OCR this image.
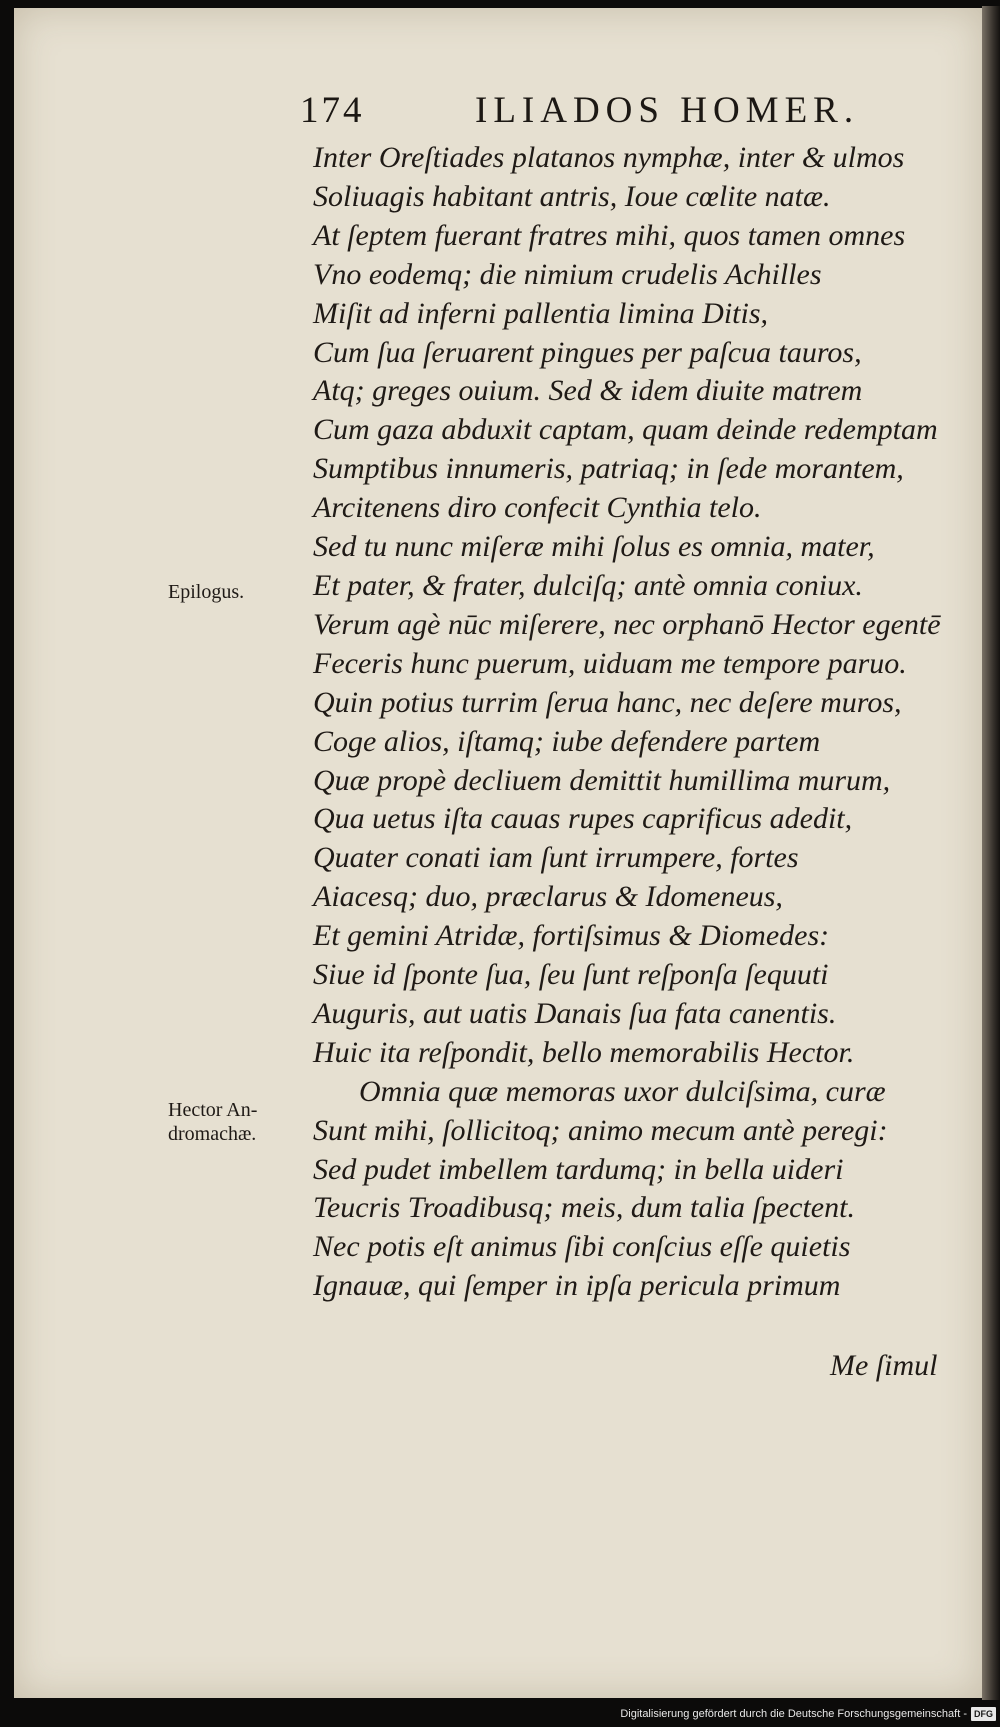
174	ILIADOS HOMER.
Epilogus.
Hector An-
dromachæ.
Inter Oreſtiades platanos nymphæ, inter & ulmos
Soliuagis habitant antris, Ioue cœlite natæ.
At ſeptem fuerant fratres mihi, quos tamen omnes
Vno eodemq; die nimium crudelis Achilles
Miſit ad inferni pallentia limina Ditis,
Cum ſua ſeruarent pingues per paſcua tauros,
Atq; greges ouium. Sed & idem diuite matrem
Cum gaza abduxit captam, quam deinde redemptam
Sumptibus innumeris, patriaq; in ſede morantem,
Arcitenens diro confecit Cynthia telo.
Sed tu nunc miſeræ mihi ſolus es omnia, mater,
Et pater, & frater, dulciſq; antè omnia coniux.
Verum agè nūc miſerere, nec orphanō Hector egentē
Feceris hunc puerum, uiduam me tempore paruo.
Quin potius turrim ſerua hanc, nec deſere muros,
Coge alios, iſtamq; iube defendere partem
Quæ propè decliuem demittit humillima murum,
Qua uetus iſta cauas rupes caprificus adedit,
Quater conati iam ſunt irrumpere, fortes
Aiacesq; duo, præclarus & Idomeneus,
Et gemini Atridæ, fortiſsimus & Diomedes:
Siue id ſponte ſua, ſeu ſunt reſponſa ſequuti
Auguris, aut uatis Danais ſua fata canentis.
Huic ita reſpondit, bello memorabilis Hector.
Omnia quæ memoras uxor dulciſsima, curæ
Sunt mihi, ſollicitoq; animo mecum antè peregi:
Sed pudet imbellem tardumq; in bella uideri
Teucris Troadibusq; meis, dum talia ſpectent.
Nec potis eſt animus ſibi conſcius eſſe quietis
Ignauæ, qui ſemper in ipſa pericula primum
Me ſimul
Digitalisierung gefördert durch die Deutsche Forschungsgemeinschaft - DFG
